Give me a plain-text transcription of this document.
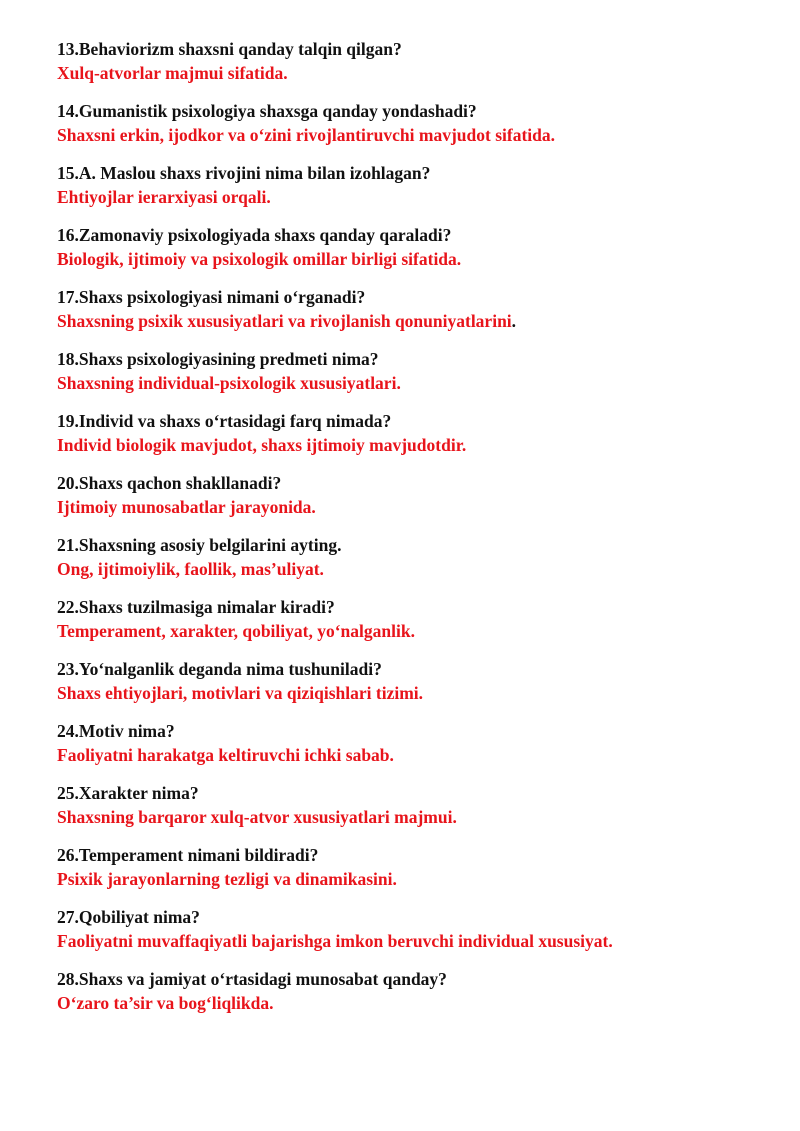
13.Behaviorizm shaxsni qanday talqin qilgan?
Xulq-atvorlar majmui sifatida.
14.Gumanistik psixologiya shaxsga qanday yondashadi?
Shaxsni erkin, ijodkor va o‘zini rivojlantiruvchi mavjudot sifatida.
15.A. Maslou shaxs rivojini nima bilan izohlagan?
Ehtiyojlar ierarxiyasi orqali.
16.Zamonaviy psixologiyada shaxs qanday qaraladi?
Biologik, ijtimoiy va psixologik omillar birligi sifatida.
17.Shaxs psixologiyasi nimani o‘rganadi?
Shaxsning psixik xususiyatlari va rivojlanish qonuniyatlarini.
18.Shaxs psixologiyasining predmeti nima?
Shaxsning individual-psixologik xususiyatlari.
19.Individ va shaxs o‘rtasidagi farq nimada?
Individ biologik mavjudot, shaxs ijtimoiy mavjudotdir.
20.Shaxs qachon shakllanadi?
Ijtimoiy munosabatlar jarayonida.
21.Shaxsning asosiy belgilarini ayting.
Ong, ijtimoiylik, faollik, mas’uliyat.
22.Shaxs tuzilmasiga nimalar kiradi?
Temperament, xarakter, qobiliyat, yo‘nalganlik.
23.Yo‘nalganlik deganda nima tushuniladi?
Shaxs ehtiyojlari, motivlari va qiziqishlari tizimi.
24.Motiv nima?
Faoliyatni harakatga keltiruvchi ichki sabab.
25.Xarakter nima?
Shaxsning barqaror xulq-atvor xususiyatlari majmui.
26.Temperament nimani bildiradi?
Psixik jarayonlarning tezligi va dinamikasini.
27.Qobiliyat nima?
Faoliyatni muvaffaqiyatli bajarishga imkon beruvchi individual xususiyat.
28.Shaxs va jamiyat o‘rtasidagi munosabat qanday?
O‘zaro ta’sir va bog‘liqlikda.
